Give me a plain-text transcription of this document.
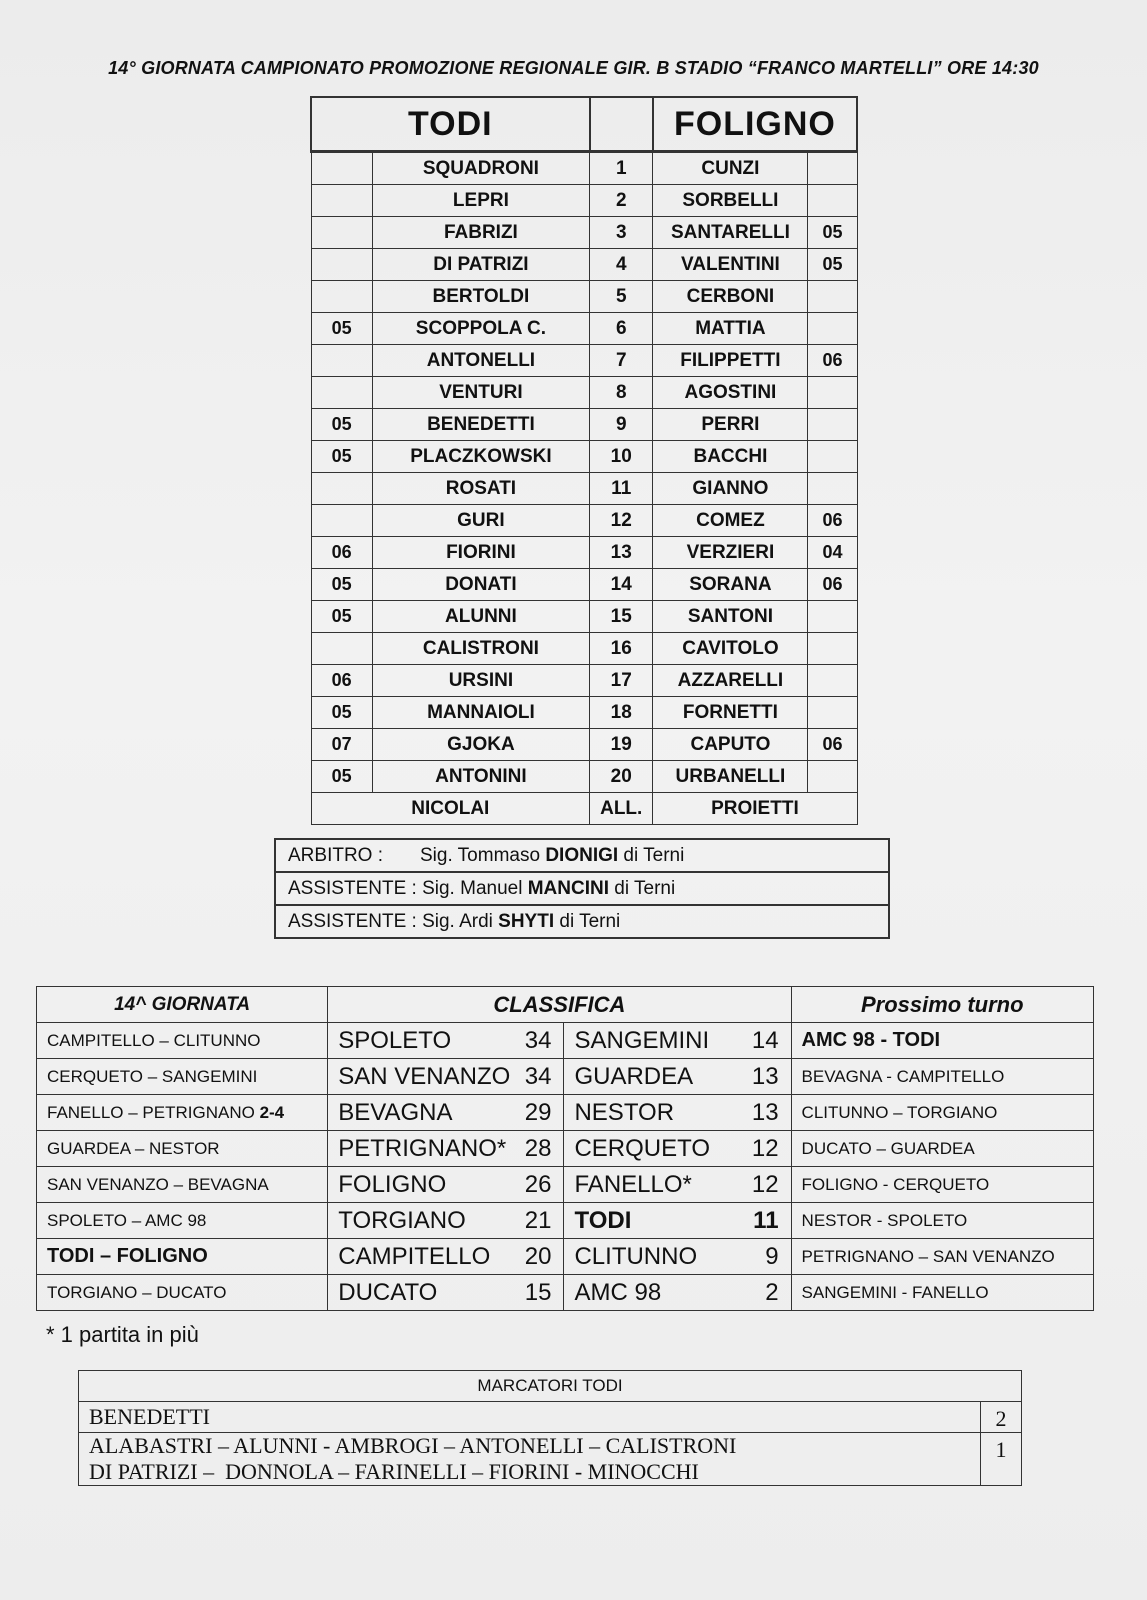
14° GIORNATA CAMPIONATO PROMOZIONE REGIONALE GIR. B STADIO “FRANCO MARTELLI” ORE 14:30
TODI			FOLIGNO	
	SQUADRONI	1	CUNZI	
	LEPRI	2	SORBELLI	
	FABRIZI	3	SANTARELLI	05
	DI PATRIZI	4	VALENTINI	05
	BERTOLDI	5	CERBONI	
05	SCOPPOLA C.	6	MATTIA	
	ANTONELLI	7	FILIPPETTI	06
	VENTURI	8	AGOSTINI	
05	BENEDETTI	9	PERRI	
05	PLACZKOWSKI	10	BACCHI	
	ROSATI	11	GIANNO	
	GURI	12	COMEZ	06
06	FIORINI	13	VERZIERI	04
05	DONATI	14	SORANA	06
05	ALUNNI	15	SANTONI	
	CALISTRONI	16	CAVITOLO	
06	URSINI	17	AZZARELLI	
05	MANNAIOLI	18	FORNETTI	
07	GJOKA	19	CAPUTO	06
05	ANTONINI	20	URBANELLI	
NICOLAI		ALL.	PROIETTI	
ARBITRO : Sig. Tommaso DIONIGI di Terni
ASSISTENTE : Sig. Manuel MANCINI di Terni
ASSISTENTE : Sig. Ardi SHYTI di Terni
14^ GIORNATA	CLASSIFICA		Prossimo turno
CAMPITELLO – CLITUNNO	SPOLETO 34	SANGEMINI 14	AMC 98 - TODI
CERQUETO – SANGEMINI	SAN VENANZO 34	GUARDEA 13	BEVAGNA - CAMPITELLO
FANELLO – PETRIGNANO 2-4	BEVAGNA 29	NESTOR 13	CLITUNNO – TORGIANO
GUARDEA – NESTOR	PETRIGNANO* 28	CERQUETO 12	DUCATO – GUARDEA
SAN VENANZO – BEVAGNA	FOLIGNO 26	FANELLO* 12	FOLIGNO - CERQUETO
SPOLETO – AMC 98	TORGIANO 21	TODI 11	NESTOR - SPOLETO
TODI – FOLIGNO	CAMPITELLO 20	CLITUNNO 9	PETRIGNANO – SAN VENANZO
TORGIANO – DUCATO	DUCATO 15	AMC 98 2	SANGEMINI - FANELLO
* 1 partita in più
MARCATORI TODI	

BENEDETTI	2

ALABASTRI – ALUNNI - AMBROGI – ANTONELLI – CALISTRONI
DI PATRIZI –  DONNOLA – FARINELLI – FIORINI - MINOCCHI	1
